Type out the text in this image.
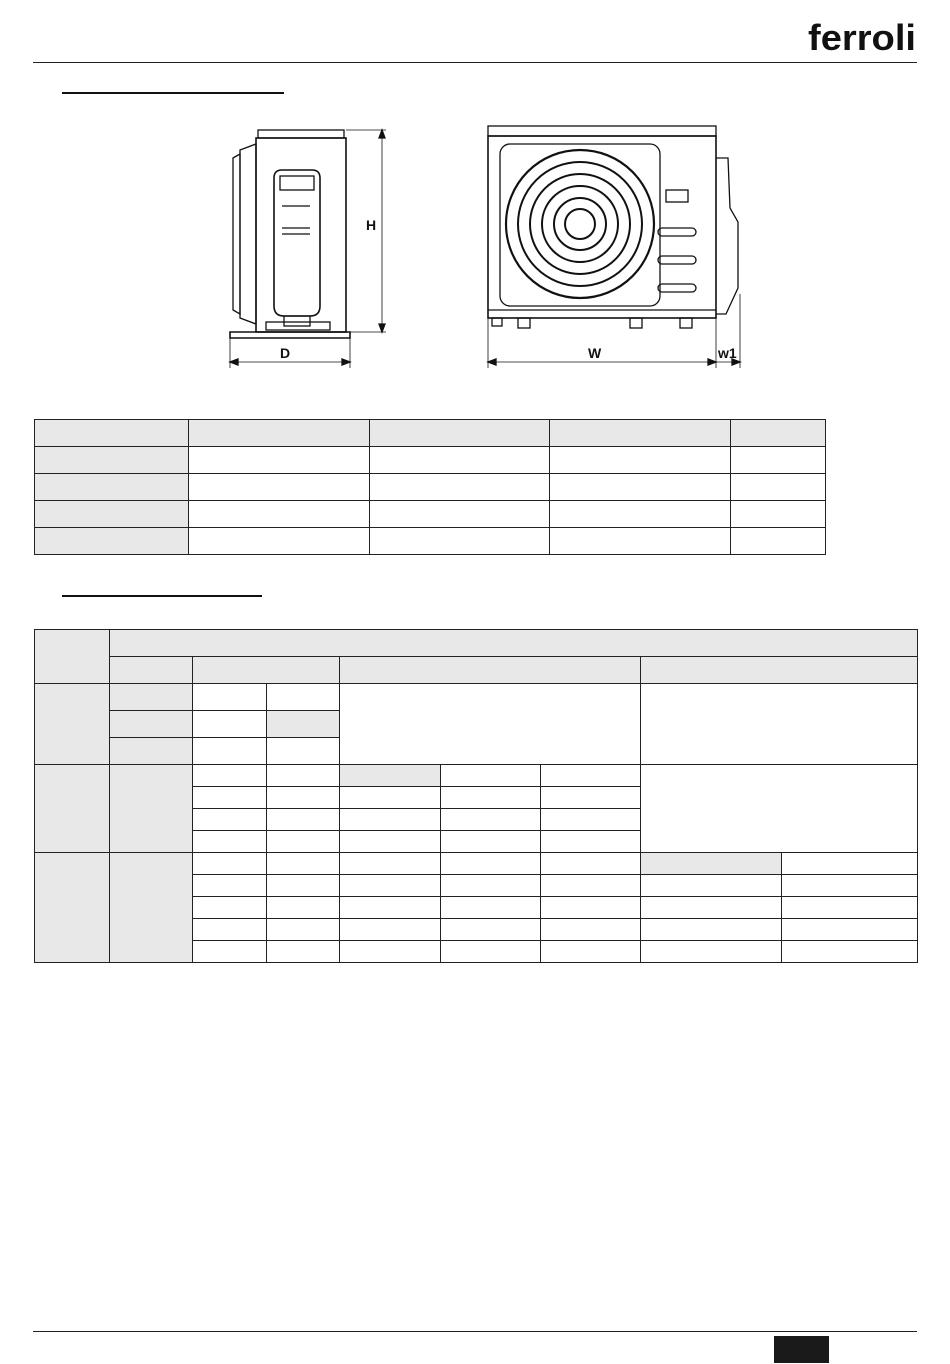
ferroli
H
D	W	w1
